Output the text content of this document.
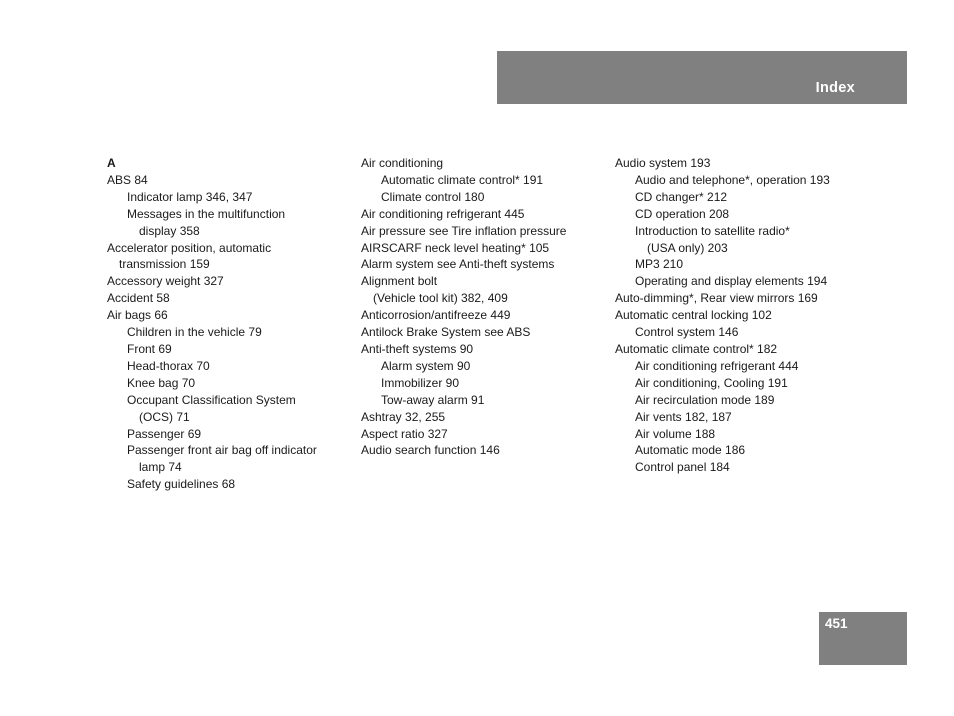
Index
A
ABS 84
Indicator lamp 346, 347
Messages in the multifunction
display 358
Accelerator position, automatic
transmission 159
Accessory weight 327
Accident 58
Air bags 66
Children in the vehicle 79
Front 69
Head-thorax 70
Knee bag 70
Occupant Classification System
(OCS) 71
Passenger 69
Passenger front air bag off indicator
lamp 74
Safety guidelines 68
Air conditioning
Automatic climate control* 191
Climate control 180
Air conditioning refrigerant 445
Air pressure see Tire inflation pressure
AIRSCARF neck level heating* 105
Alarm system see Anti-theft systems
Alignment bolt
(Vehicle tool kit) 382, 409
Anticorrosion/antifreeze 449
Antilock Brake System see ABS
Anti-theft systems 90
Alarm system 90
Immobilizer 90
Tow-away alarm 91
Ashtray 32, 255
Aspect ratio 327
Audio search function 146
Audio system 193
Audio and telephone*, operation 193
CD changer* 212
CD operation 208
Introduction to satellite radio*
(USA only) 203
MP3 210
Operating and display elements 194
Auto-dimming*, Rear view mirrors 169
Automatic central locking 102
Control system 146
Automatic climate control* 182
Air conditioning refrigerant 444
Air conditioning, Cooling 191
Air recirculation mode 189
Air vents 182, 187
Air volume 188
Automatic mode 186
Control panel 184
451
